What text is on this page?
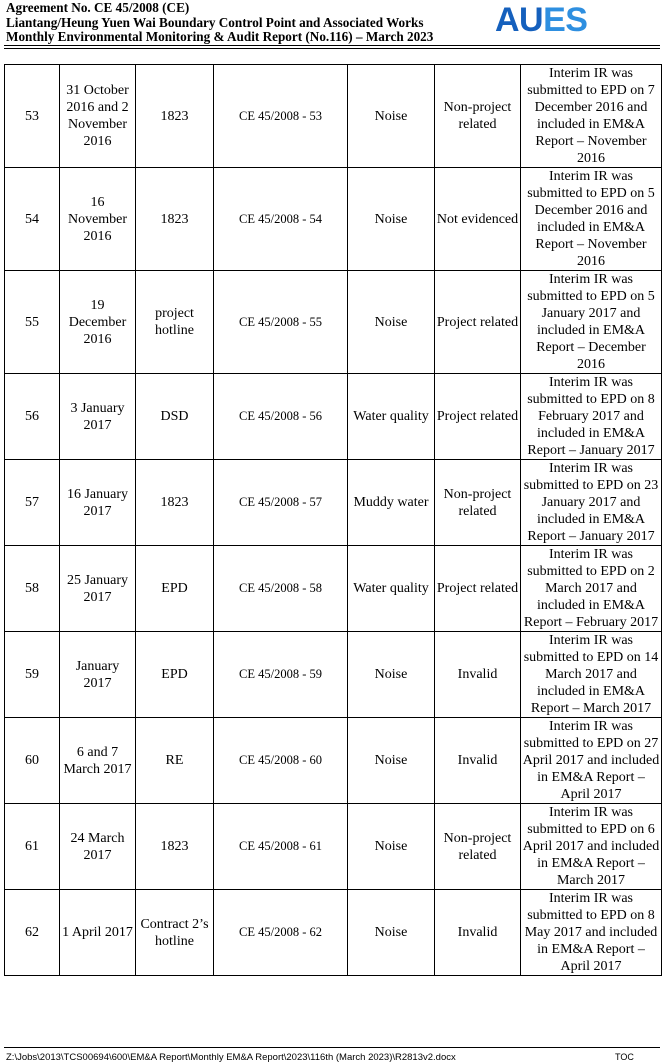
Agreement No. CE 45/2008 (CE)
Liantang/Heung Yuen Wai Boundary Control Point and Associated Works
Monthly Environmental Monitoring & Audit Report (No.116) – March 2023 AUES
53	31 October 2016 and 2 November 2016	1823	CE 45/2008 - 53	Noise	Non-project related	Interim IR was submitted to EPD on 7 December 2016 and included in EM&A Report – November 2016
54	16 November 2016	1823	CE 45/2008 - 54	Noise	Not evidenced	Interim IR was submitted to EPD on 5 December 2016 and included in EM&A Report – November 2016
55	19 December 2016	project hotline	CE 45/2008 - 55	Noise	Project related	Interim IR was submitted to EPD on 5 January 2017 and included in EM&A Report – December 2016
56	3 January 2017	DSD	CE 45/2008 - 56	Water quality	Project related	Interim IR was submitted to EPD on 8 February 2017 and included in EM&A Report – January 2017
57	16 January 2017	1823	CE 45/2008 - 57	Muddy water	Non-project related	Interim IR was submitted to EPD on 23 January 2017 and included in EM&A Report – January 2017
58	25 January 2017	EPD	CE 45/2008 - 58	Water quality	Project related	Interim IR was submitted to EPD on 2 March 2017 and included in EM&A Report – February 2017
59	January 2017	EPD	CE 45/2008 - 59	Noise	Invalid	Interim IR was submitted to EPD on 14 March 2017 and included in EM&A Report – March 2017
60	6 and 7 March 2017	RE	CE 45/2008 - 60	Noise	Invalid	Interim IR was submitted to EPD on 27 April 2017 and included in EM&A Report – April 2017
61	24 March 2017	1823	CE 45/2008 - 61	Noise	Non-project related	Interim IR was submitted to EPD on 6 April 2017 and included in EM&A Report – March 2017
62	1 April 2017	Contract 2’s hotline	CE 45/2008 - 62	Noise	Invalid	Interim IR was submitted to EPD on 8 May 2017 and included in EM&A Report – April 2017
Z:\Jobs\2013\TCS00694\600\EM&A Report\Monthly EM&A Report\2023\116th (March 2023)\R2813v2.docx	TOC
